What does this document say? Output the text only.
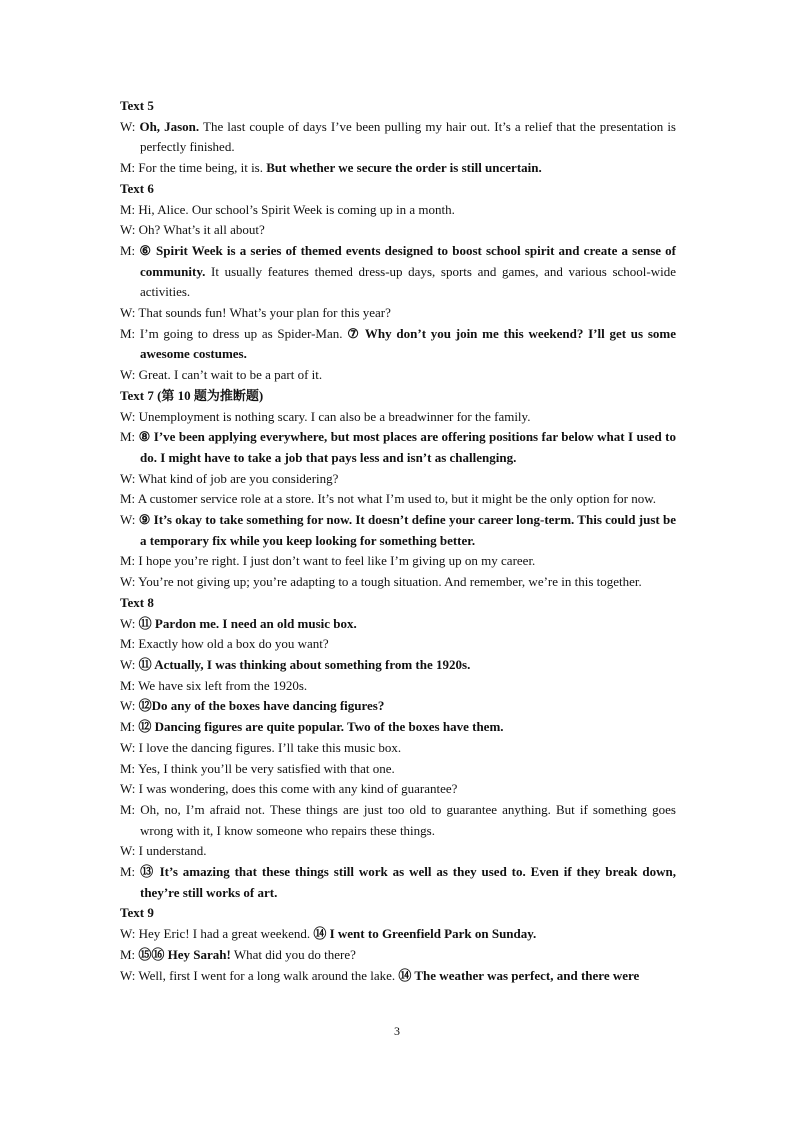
Text 5

W: Oh, Jason. The last couple of days I’ve been pulling my hair out. It’s a relief that the presentation is perfectly finished.

M: For the time being, it is. But whether we secure the order is still uncertain.

Text 6

M: Hi, Alice. Our school’s Spirit Week is coming up in a month.

W: Oh? What’s it all about?

M: ⑥ Spirit Week is a series of themed events designed to boost school spirit and create a sense of community. It usually features themed dress-up days, sports and games, and various school-wide activities.

W: That sounds fun! What’s your plan for this year?

M: I’m going to dress up as Spider-Man. ⑦ Why don’t you join me this weekend? I’ll get us some awesome costumes.

W: Great. I can’t wait to be a part of it.

Text 7 (第 10 题为推断题)

W: Unemployment is nothing scary. I can also be a breadwinner for the family.

M: ⑧ I’ve been applying everywhere, but most places are offering positions far below what I used to do. I might have to take a job that pays less and isn’t as challenging.

W: What kind of job are you considering?

M: A customer service role at a store. It’s not what I’m used to, but it might be the only option for now.

W: ⑨ It’s okay to take something for now. It doesn’t define your career long-term. This could just be a temporary fix while you keep looking for something better.

M: I hope you’re right. I just don’t want to feel like I’m giving up on my career.

W: You’re not giving up; you’re adapting to a tough situation. And remember, we’re in this together.

Text 8

W: ⑪ Pardon me. I need an old music box.

M: Exactly how old a box do you want?

W: ⑪ Actually, I was thinking about something from the 1920s.

M: We have six left from the 1920s.

W: ⑫Do any of the boxes have dancing figures?

M: ⑫ Dancing figures are quite popular. Two of the boxes have them.

W: I love the dancing figures. I’ll take this music box.

M: Yes, I think you’ll be very satisfied with that one.

W: I was wondering, does this come with any kind of guarantee?

M: Oh, no, I’m afraid not. These things are just too old to guarantee anything. But if something goes wrong with it, I know someone who repairs these things.

W: I understand.

M: ⑬ It’s amazing that these things still work as well as they used to. Even if they break down, they’re still works of art.

Text 9

W: Hey Eric! I had a great weekend. ⑭ I went to Greenfield Park on Sunday.

M: ⑮⑯ Hey Sarah! What did you do there?

W: Well, first I went for a long walk around the lake. ⑭ The weather was perfect, and there were

3
